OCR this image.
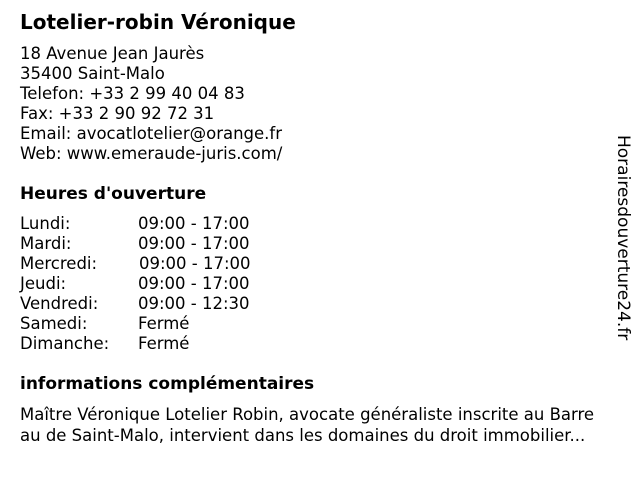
Lotelier-robin Véronique
18 Avenue Jean Jaurès
35400 Saint-Malo
Telefon: +33 2 99 40 04 83
Fax: +33 2 90 92 72 31
Email: avocatlotelier@orange.fr
Web: www.emeraude-juris.com/
Heures d'ouverture
Lundi:	09:00 - 17:00
Mardi:	09:00 - 17:00
Mercredi:	09:00 - 17:00
Jeudi:	09:00 - 17:00
Vendredi: 09:00 - 12:30
Samedi:	Fermé
Dimanche: Fermé
informations complémentaires
Maître Véronique Lotelier Robin, avocate généraliste inscrite au Barre
au de Saint-Malo, intervient dans les domaines du droit immobilier...
Horairesdouverture24.fr
